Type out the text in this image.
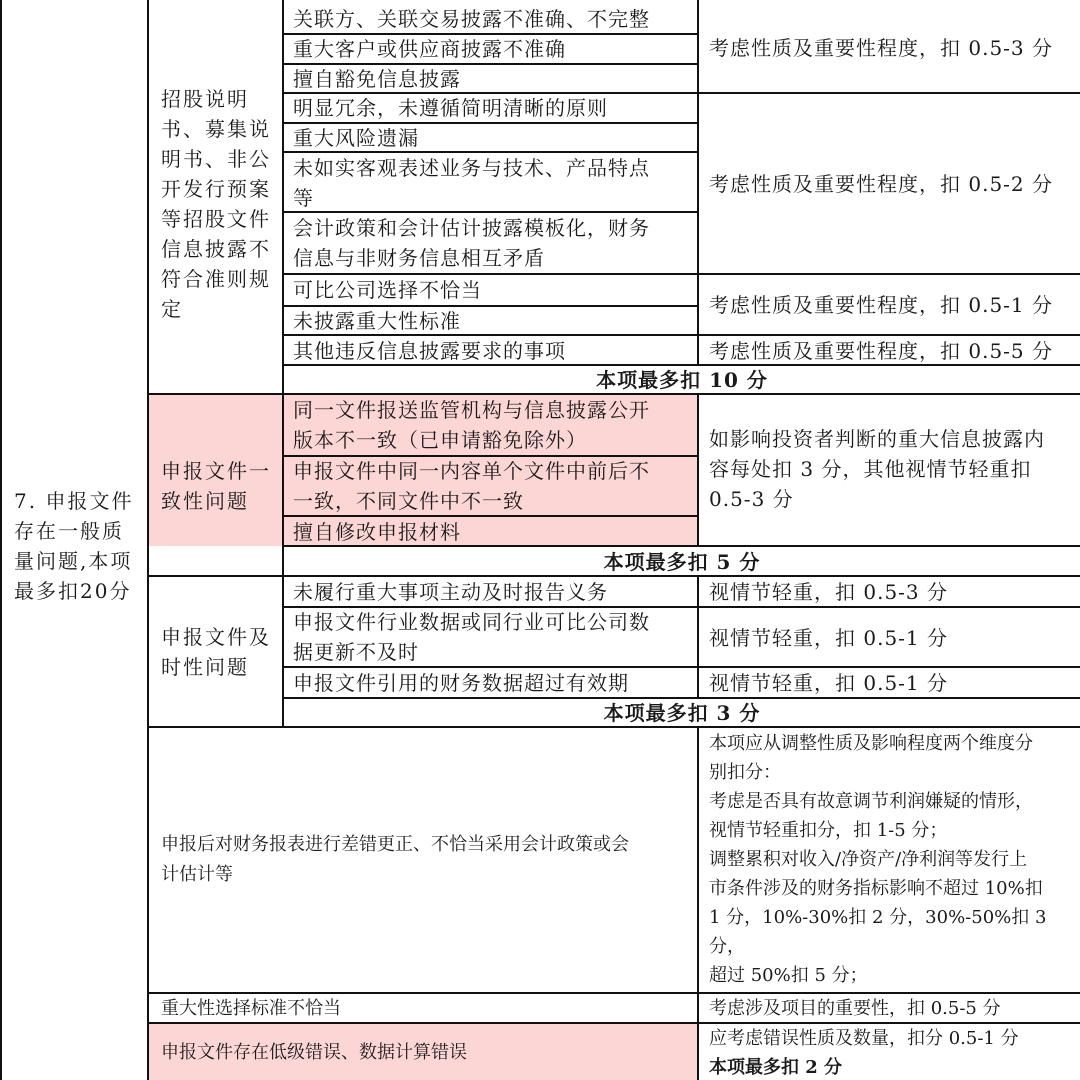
7. 申报文件
存在一般质
量问题,本项
最多扣20分
招股说明
书、募集说
明书、非公
开发行预案
等招股文件
信息披露不
符合准则规
定
关联方、关联交易披露不准确、不完整
重大客户或供应商披露不准确
擅自豁免信息披露
明显冗余，未遵循简明清晰的原则
重大风险遗漏
未如实客观表述业务与技术、产品特点
等
会计政策和会计估计披露模板化，财务
信息与非财务信息相互矛盾
可比公司选择不恰当
未披露重大性标准
其他违反信息披露要求的事项
考虑性质及重要性程度，扣 0.5-3 分
考虑性质及重要性程度，扣 0.5-2 分
考虑性质及重要性程度，扣 0.5-1 分
考虑性质及重要性程度，扣 0.5-5 分
本项最多扣 10 分
申报文件一
致性问题
同一文件报送监管机构与信息披露公开
版本不一致（已申请豁免除外）
申报文件中同一内容单个文件中前后不
一致，不同文件中不一致
擅自修改申报材料
如影响投资者判断的重大信息披露内
容每处扣 3 分，其他视情节轻重扣
0.5-3 分
本项最多扣 5 分
申报文件及
时性问题
未履行重大事项主动及时报告义务
申报文件行业数据或同行业可比公司数
据更新不及时
申报文件引用的财务数据超过有效期
视情节轻重，扣 0.5-3 分
视情节轻重，扣 0.5-1 分
视情节轻重，扣 0.5-1 分
本项最多扣 3 分
申报后对财务报表进行差错更正、不恰当采用会计政策或会
计估计等
本项应从调整性质及影响程度两个维度分
别扣分：
考虑是否具有故意调节利润嫌疑的情形，
视情节轻重扣分，扣 1-5 分；
调整累积对收入/净资产/净利润等发行上
市条件涉及的财务指标影响不超过 10%扣
1 分，10%-30%扣 2 分，30%-50%扣 3 分，
超过 50%扣 5 分；

重大性选择标准不恰当	考虑涉及项目的重要性，扣 0.5-5 分
申报文件存在低级错误、数据计算错误
应考虑错误性质及数量，扣分 0.5-1 分
本项最多扣 2 分
